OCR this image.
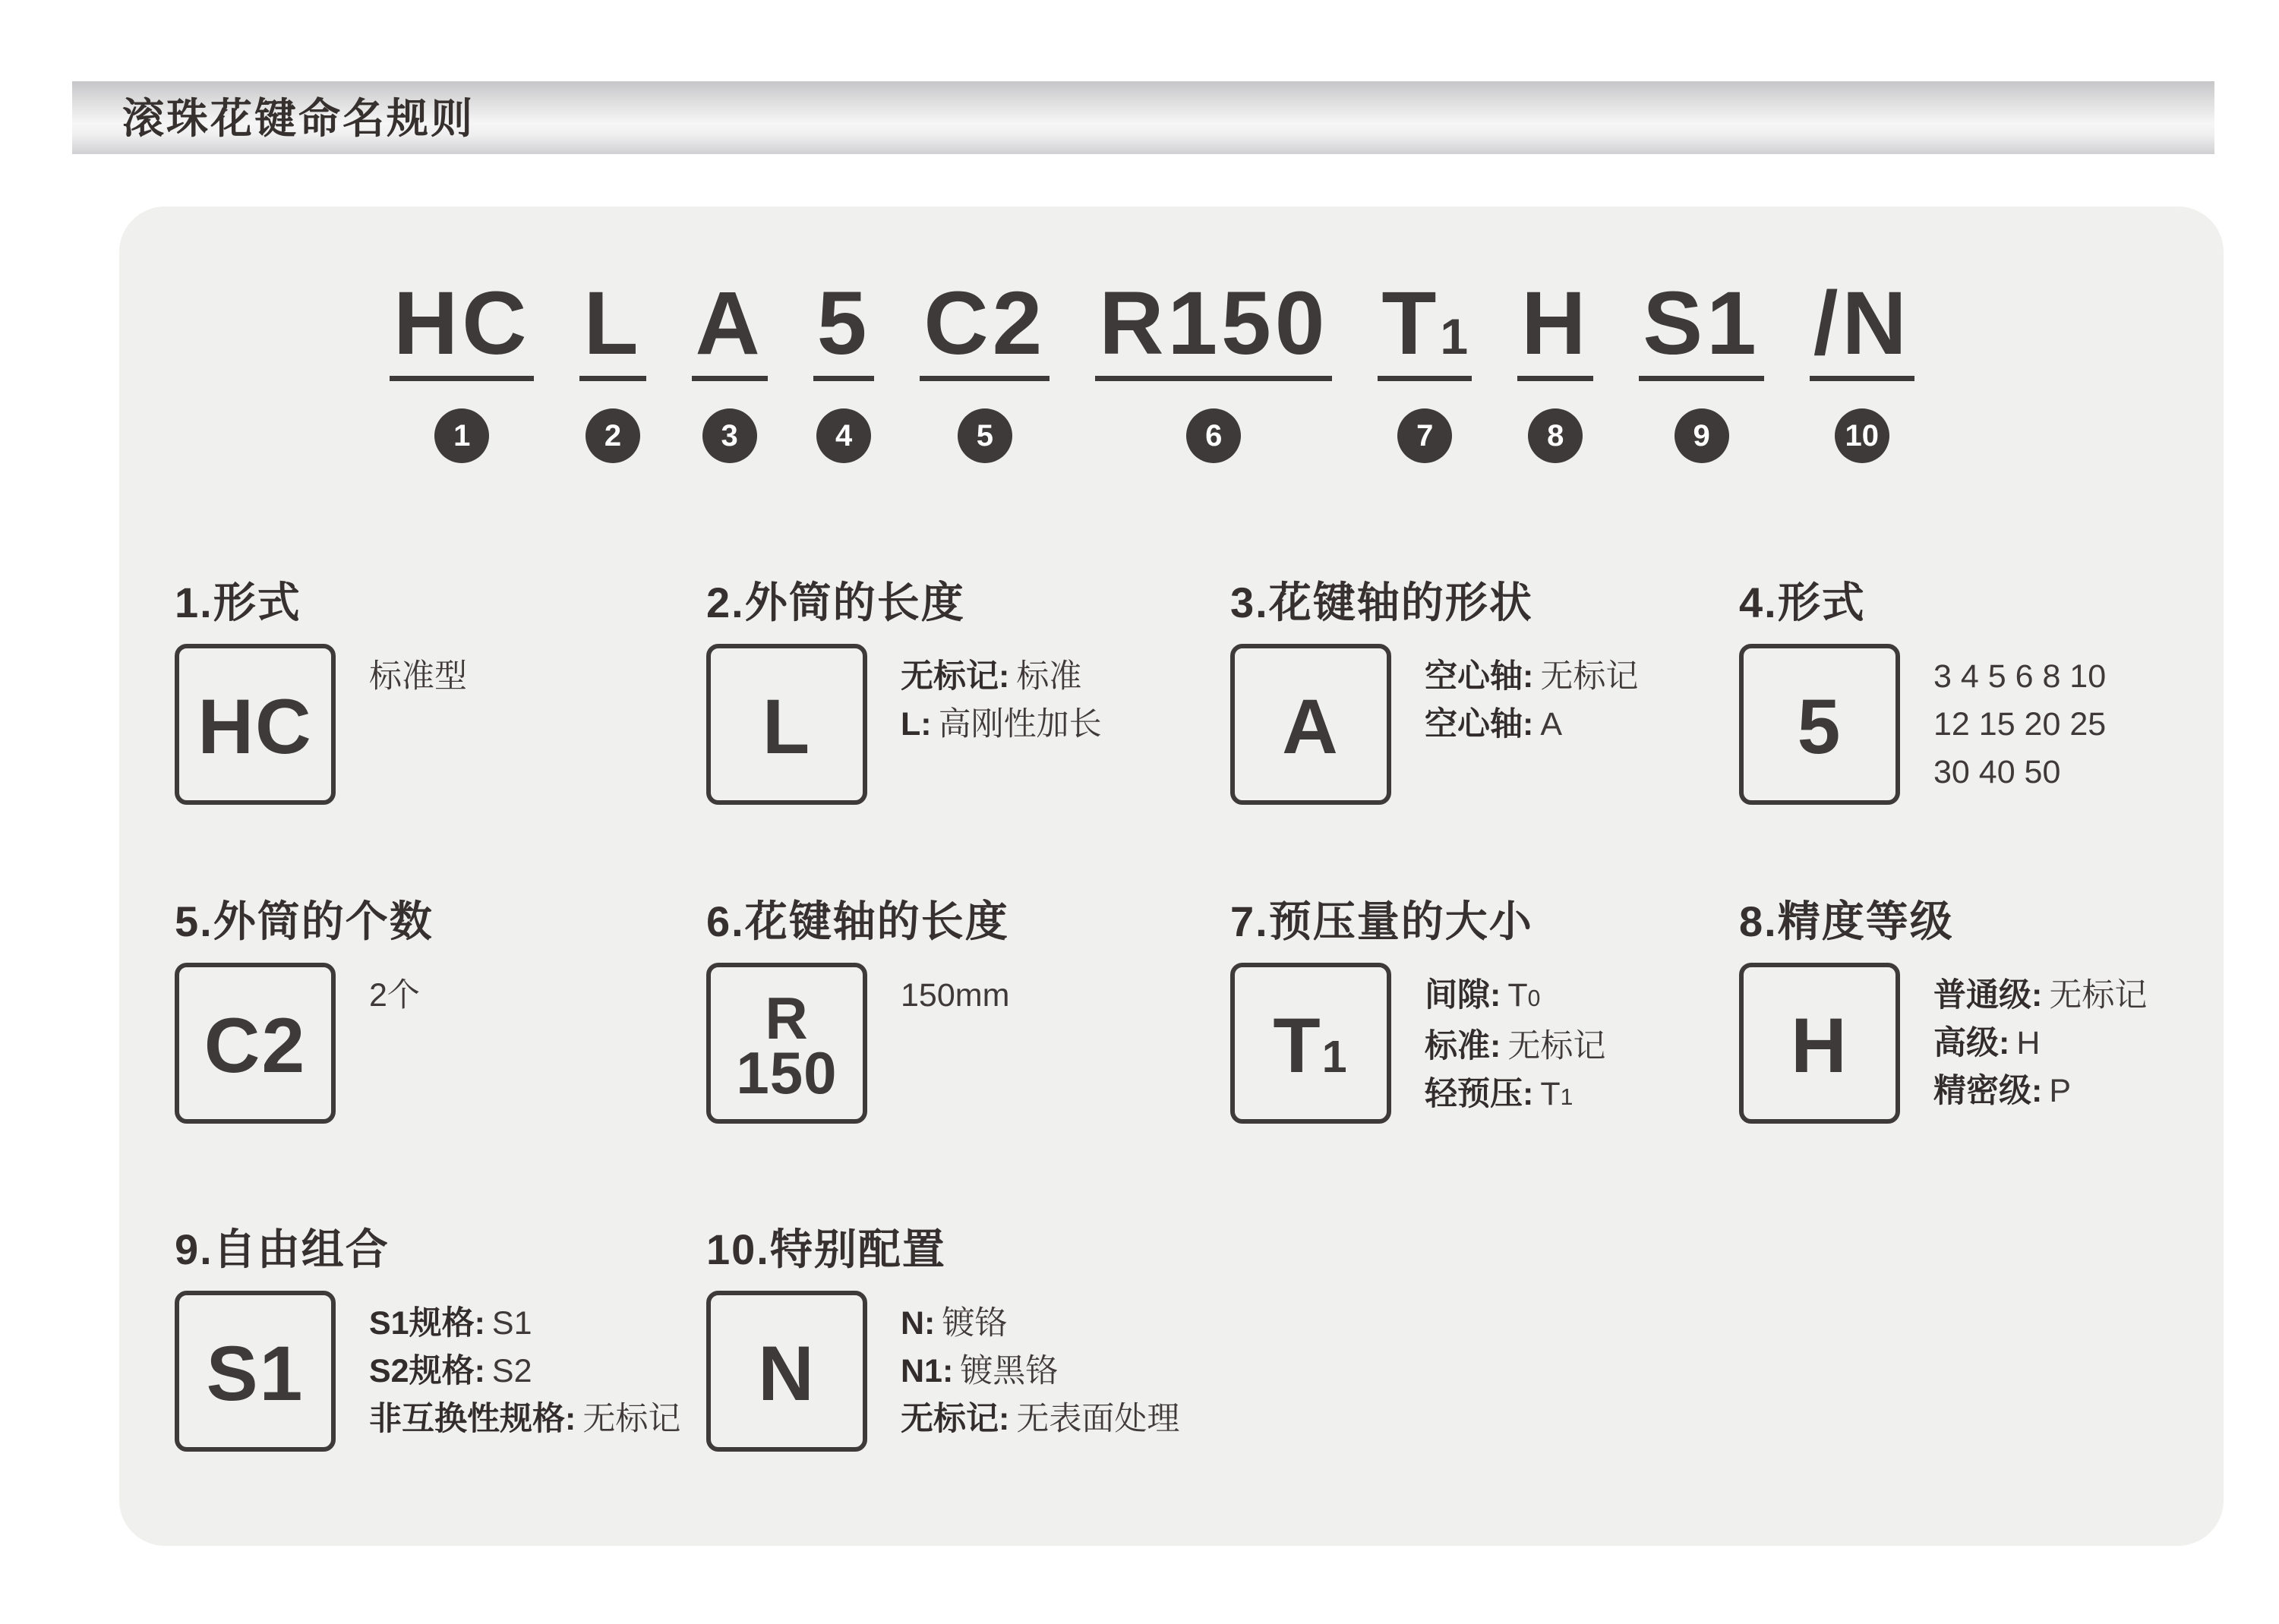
滚珠花键命名规则
HC
1
L
2
A
3
5
4
C2
5
R150
6
T1
7
H
8
S1
9
/N
10
1.形式
HC
标准型
2.外筒的长度
L
无标记: 标准
L: 高刚性加长
3.花键轴的形状
A
空心轴: 无标记
空心轴: A
4.形式
5
3 4 5 6 8 10
12 15 20 25
30 40 50
5.外筒的个数
C2
2个
6.花键轴的长度
R
150
150mm
7.预压量的大小
T1
间隙: T0
标准: 无标记
轻预压: T1
8.精度等级
H
普通级: 无标记
高级: H
精密级: P
9.自由组合
S1
S1规格: S1
S2规格: S2
非互换性规格: 无标记
10.特别配置
N
N: 镀铬
N1: 镀黑铬
无标记: 无表面处理
